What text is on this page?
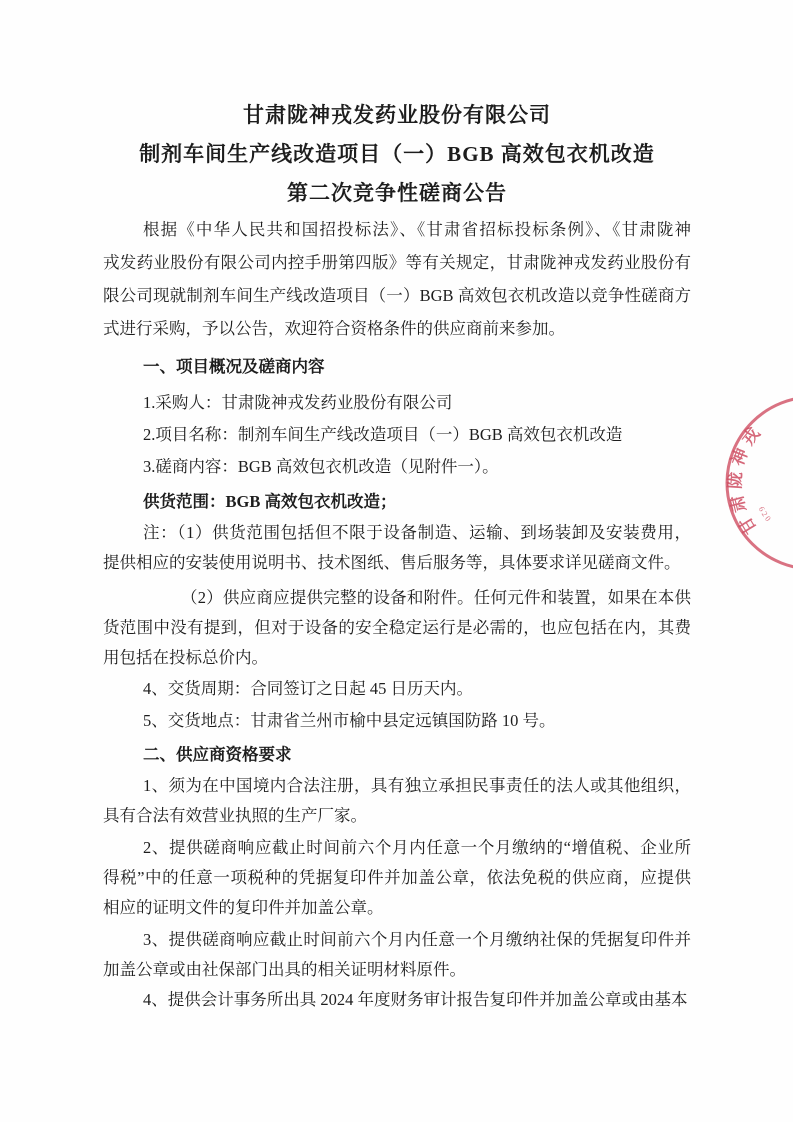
甘肃陇神戎发药业股份有限公司
制剂车间生产线改造项目（一）BGB 高效包衣机改造
第二次竞争性磋商公告
根据《中华人民共和国招投标法》、《甘肃省招标投标条例》、《甘肃陇神
戎发药业股份有限公司内控手册第四版》等有关规定，甘肃陇神戎发药业股份有
限公司现就制剂车间生产线改造项目（一）BGB 高效包衣机改造以竞争性磋商方
式进行采购，予以公告，欢迎符合资格条件的供应商前来参加。
一、项目概况及磋商内容
1.采购人：甘肃陇神戎发药业股份有限公司
2.项目名称：制剂车间生产线改造项目（一）BGB 高效包衣机改造
3.磋商内容：BGB 高效包衣机改造（见附件一）。
供货范围：BGB 高效包衣机改造；
注：（1）供货范围包括但不限于设备制造、运输、到场装卸及安装费用，
提供相应的安装使用说明书、技术图纸、售后服务等，具体要求详见磋商文件。
（2）供应商应提供完整的设备和附件。任何元件和装置，如果在本供
货范围中没有提到，但对于设备的安全稳定运行是必需的，也应包括在内，其费
用包括在投标总价内。
4、交货周期：合同签订之日起 45 日历天内。
5、交货地点：甘肃省兰州市榆中县定远镇国防路 10 号。
二、供应商资格要求
1、须为在中国境内合法注册，具有独立承担民事责任的法人或其他组织，
具有合法有效营业执照的生产厂家。
2、提供磋商响应截止时间前六个月内任意一个月缴纳的“增值税、企业所
得税”中的任意一项税种的凭据复印件并加盖公章，依法免税的供应商，应提供
相应的证明文件的复印件并加盖公章。
3、提供磋商响应截止时间前六个月内任意一个月缴纳社保的凭据复印件并
加盖公章或由社保部门出具的相关证明材料原件。
4、提供会计事务所出具 2024 年度财务审计报告复印件并加盖公章或由基本
甘肃陇神戎
620
